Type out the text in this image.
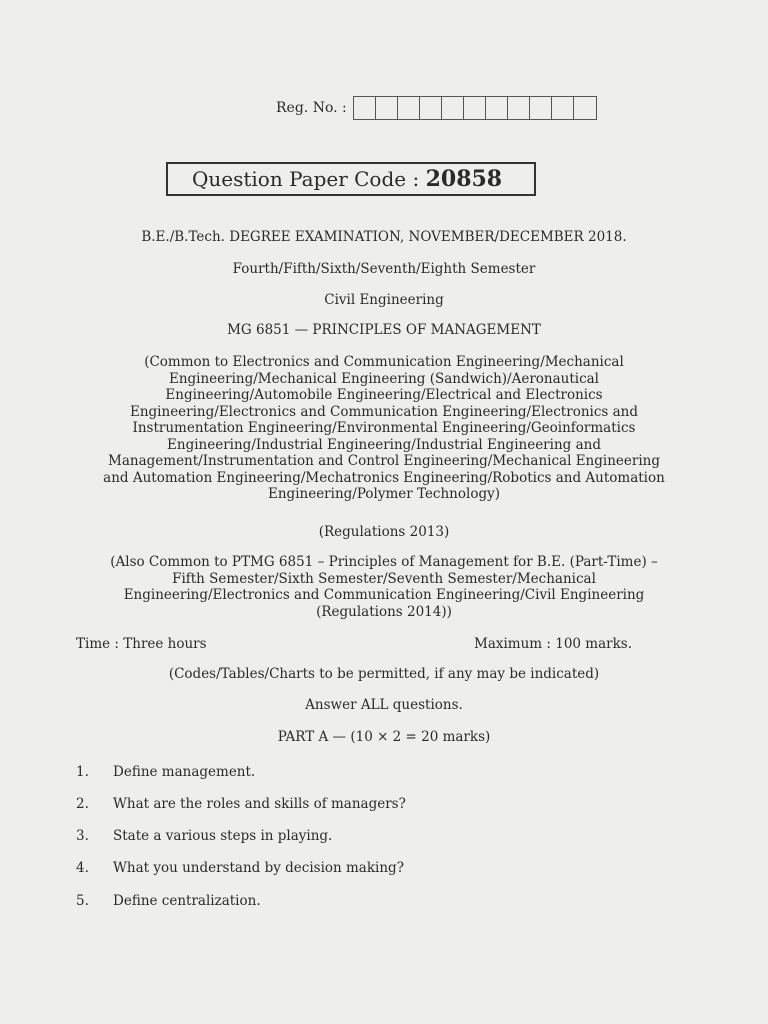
Reg. No. :
Question Paper Code : 20858
B.E./B.Tech. DEGREE EXAMINATION, NOVEMBER/DECEMBER 2018.
Fourth/Fifth/Sixth/Seventh/Eighth Semester
Civil Engineering
MG 6851 — PRINCIPLES OF MANAGEMENT
(Common to Electronics and Communication Engineering/Mechanical
Engineering/Mechanical Engineering (Sandwich)/Aeronautical
Engineering/Automobile Engineering/Electrical and Electronics
Engineering/Electronics and Communication Engineering/Electronics and
Instrumentation Engineering/Environmental Engineering/Geoinformatics
Engineering/Industrial Engineering/Industrial Engineering and
Management/Instrumentation and Control Engineering/Mechanical Engineering
and Automation Engineering/Mechatronics Engineering/Robotics and Automation
Engineering/Polymer Technology)
(Regulations 2013)
(Also Common to PTMG 6851 – Principles of Management for B.E. (Part-Time) –
Fifth Semester/Sixth Semester/Seventh Semester/Mechanical
Engineering/Electronics and Communication Engineering/Civil Engineering
(Regulations 2014))
Time : Three hours	Maximum : 100 marks.
(Codes/Tables/Charts to be permitted, if any may be indicated)
Answer ALL questions.
PART A — (10 × 2 = 20 marks)
1. Define management.
2. What are the roles and skills of managers?
3. State a various steps in playing.
4. What you understand by decision making?
5. Define centralization.
